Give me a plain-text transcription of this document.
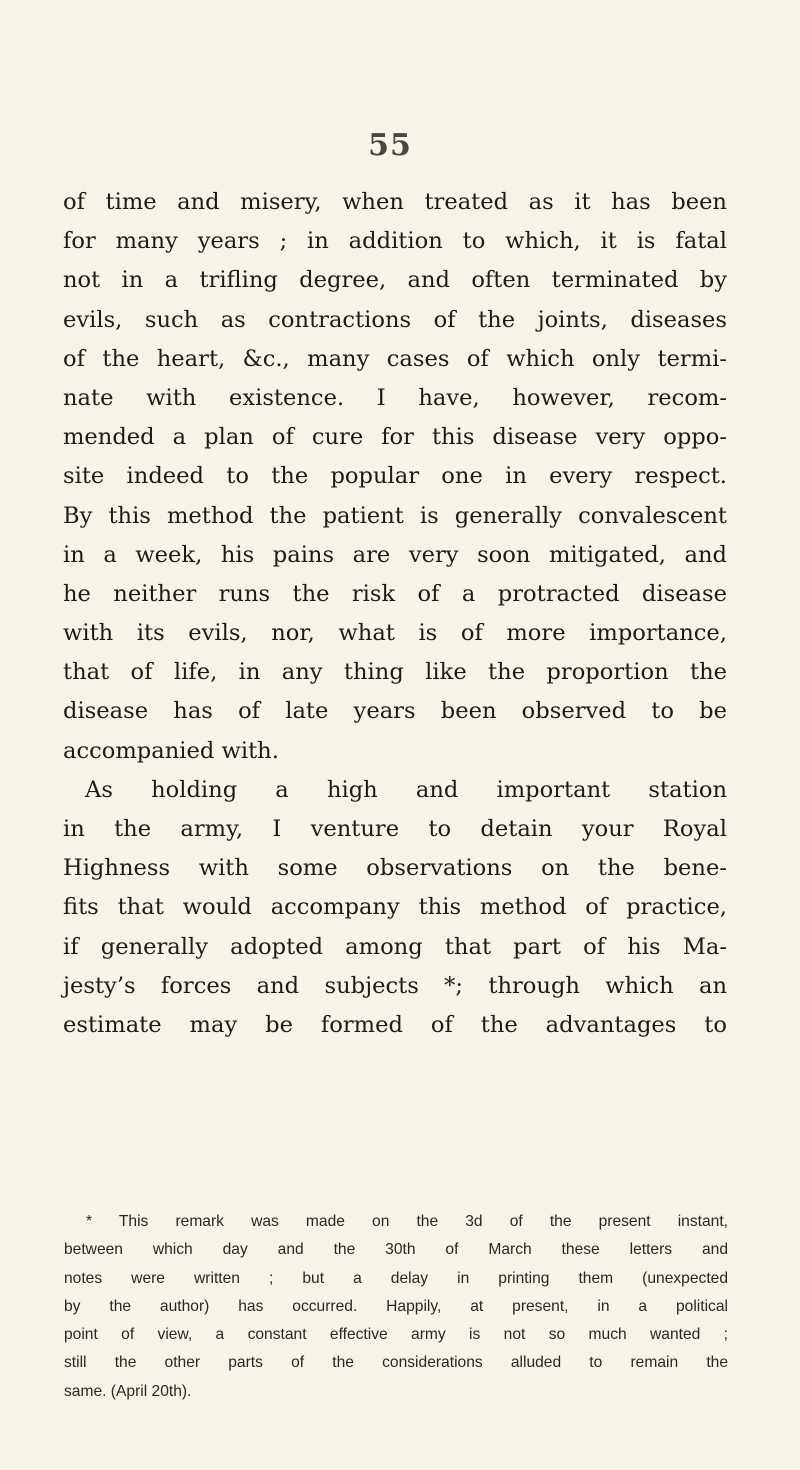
55
of time and misery, when treated as it has been
for many years ; in addition to which, it is fatal
not in a trifling degree, and often terminated by
evils, such as contractions of the joints, diseases
of the heart, &c., many cases of which only termi-
nate with existence. I have, however, recom-
mended a plan of cure for this disease very oppo-
site indeed to the popular one in every respect.
By this method the patient is generally convalescent
in a week, his pains are very soon mitigated, and
he neither runs the risk of a protracted disease
with its evils, nor, what is of more importance,
that of life, in any thing like the proportion the
disease has of late years been observed to be
accompanied with.
As holding a high and important station
in the army, I venture to detain your Royal
Highness with some observations on the bene-
fits that would accompany this method of practice,
if generally adopted among that part of his Ma-
jesty’s forces and subjects *; through which an
estimate may be formed of the advantages to
* This remark was made on the 3d of the present instant,
between which day and the 30th of March these letters and
notes were written ; but a delay in printing them (unexpected
by the author) has occurred. Happily, at present, in a political
point of view, a constant effective army is not so much wanted ;
still the other parts of the considerations alluded to remain the
same. (April 20th).
